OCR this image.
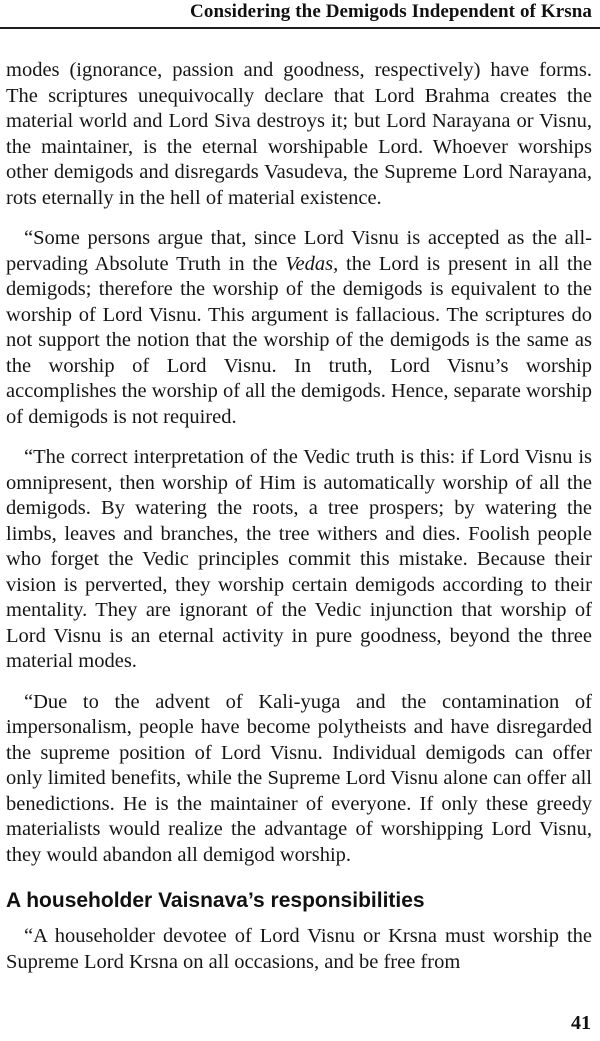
Considering the Demigods Independent of Krsna

modes (ignorance, passion and goodness, respectively) have forms. The scriptures unequivocally declare that Lord Brahma creates the material world and Lord Siva destroys it; but Lord Narayana or Visnu, the maintainer, is the eternal worshipable Lord. Whoever worships other demigods and disregards Vasudeva, the Supreme Lord Narayana, rots eternally in the hell of material existence.

“Some persons argue that, since Lord Visnu is accepted as the all-pervading Absolute Truth in the Vedas, the Lord is present in all the demigods; therefore the worship of the demigods is equivalent to the worship of Lord Visnu. This argument is fallacious. The scriptures do not support the notion that the worship of the demigods is the same as the worship of Lord Visnu. In truth, Lord Visnu’s worship accomplishes the worship of all the demigods. Hence, separate worship of demigods is not required.

“The correct interpretation of the Vedic truth is this: if Lord Visnu is omnipresent, then worship of Him is automatically worship of all the demigods. By watering the roots, a tree prospers; by watering the limbs, leaves and branches, the tree withers and dies. Foolish people who forget the Vedic principles commit this mistake. Because their vision is perverted, they worship certain demigods according to their mentality. They are ignorant of the Vedic injunction that worship of Lord Visnu is an eternal activity in pure goodness, beyond the three material modes.

“Due to the advent of Kali-yuga and the contamination of impersonalism, people have become polytheists and have disregarded the supreme position of Lord Visnu. Individual demigods can offer only limited benefits, while the Supreme Lord Visnu alone can offer all benedictions. He is the maintainer of everyone. If only these greedy materialists would realize the advantage of worshipping Lord Visnu, they would abandon all demigod worship.

A householder Vaisnava’s responsibilities

“A householder devotee of Lord Visnu or Krsna must worship the Supreme Lord Krsna on all occasions, and be free from

41
